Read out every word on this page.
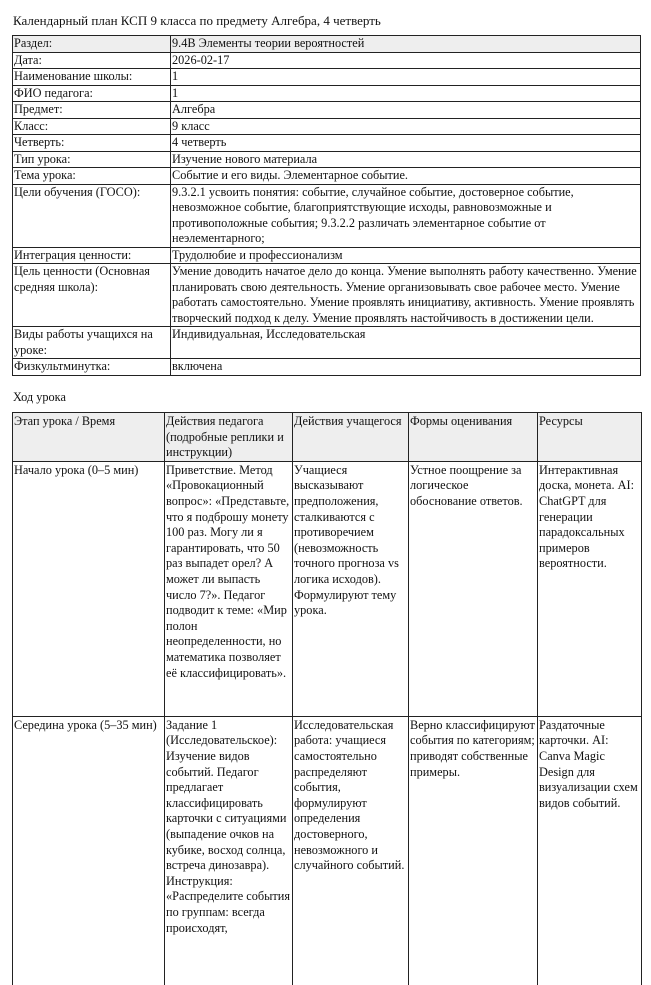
Календарный план КСП 9 класса по предмету Алгебра, 4 четверть
Раздел:	9.4В Элементы теории вероятностей
Дата:	2026-02-17
Наименование школы:	1
ФИО педагога:	1
Предмет:	Алгебра
Класс:	9 класс
Четверть:	4 четверть
Тип урока:	Изучение нового материала
Тема урока:	Событие и его виды. Элементарное событие.
Цели обучения (ГОСО):	9.3.2.1 усвоить понятия: событие, случайное событие, достоверное событие, невозможное событие, благоприятствующие исходы, равновозможные и противоположные события; 9.3.2.2 различать элементарное событие от неэлементарного;
Интеграция ценности:	Трудолюбие и профессионализм
Цель ценности (Основная средняя школа):	Умение доводить начатое дело до конца. Умение выполнять работу качественно. Умение планировать свою деятельность. Умение организовывать свое рабочее место. Умение работать самостоятельно. Умение проявлять инициативу, активность. Умение проявлять творческий подход к делу. Умение проявлять настойчивость в достижении цели.
Виды работы учащихся на уроке:	Индивидуальная, Исследовательская
Физкультминутка:	включена
Ход урока
Этап урока / Время	Действия педагога (подробные реплики и инструкции)	Действия учащегося	Формы оценивания	Ресурсы
Начало урока (0–5 мин)	Приветствие. Метод «Провокационный вопрос»: «Представьте, что я подброшу монету 100 раз. Могу ли я гарантировать, что 50 раз выпадет орел? А может ли выпасть число 7?». Педагог подводит к теме: «Мир полон неопределенности, но математика позволяет её классифицировать».	Учащиеся высказывают предположения, сталкиваются с противоречием (невозможность точного прогноза vs логика исходов). Формулируют тему урока.	Устное поощрение за логическое обоснование ответов.	Интерактивная доска, монета. AI: ChatGPT для генерации парадоксальных примеров вероятности.
Середина урока (5–35 мин)	Задание 1 (Исследовательское): Изучение видов событий. Педагог предлагает классифицировать карточки с ситуациями (выпадение очков на кубике, восход солнца, встреча динозавра). Инструкция: «Распределите события по группам: всегда происходят,	Исследовательская работа: учащиеся самостоятельно распределяют события, формулируют определения достоверного, невозможного и случайного событий.	Верно классифицируют события по категориям; приводят собственные примеры.	Раздаточные карточки. AI: Canva Magic Design для визуализации схем видов событий.
